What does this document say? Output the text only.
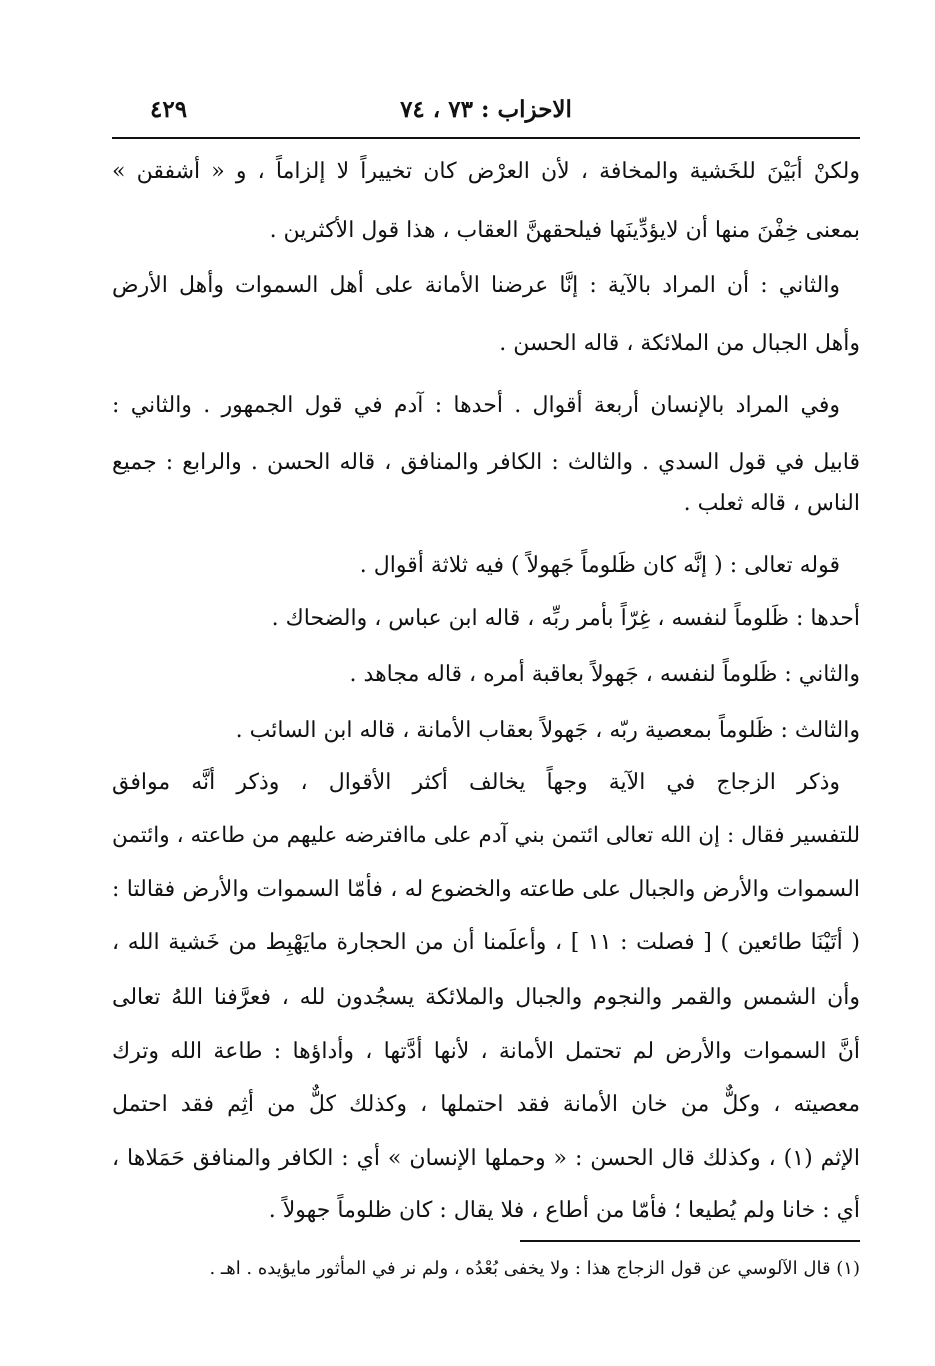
الاحزاب : ٧٣ ، ٧٤
٤٢٩
ولكنْ أبَيْنَ للخَشية والمخافة ، لأن العرْض كان تخييراً لا إلزاماً ، و « أشفقن »
بمعنى خِفْنَ منها أن لايؤدِّينَها فيلحقهنَّ العقاب ، هذا قول الأكثرين .
والثاني : أن المراد بالآية : إنَّا عرضنا الأمانة على أهل السموات وأهل الأرض
وأهل الجبال من الملائكة ، قاله الحسن .
وفي المراد بالإنسان أربعة أقوال . أحدها : آدم في قول الجمهور . والثاني :
قابيل في قول السدي . والثالث : الكافر والمنافق ، قاله الحسن . والرابع : جميع
الناس ، قاله ثعلب .
قوله تعالى : ( إنَّه كان ظَلوماً جَهولاً ) فيه ثلاثة أقوال .
أحدها : ظَلوماً لنفسه ، غِرّاً بأمر ربِّه ، قاله ابن عباس ، والضحاك .
والثاني : ظَلوماً لنفسه ، جَهولاً بعاقبة أمره ، قاله مجاهد .
والثالث : ظَلوماً بمعصية ربّه ، جَهولاً بعقاب الأمانة ، قاله ابن السائب .
وذكر الزجاج في الآية وجهاً يخالف أكثر الأقوال ، وذكر أنَّه موافق
للتفسير فقال : إن الله تعالى ائتمن بني آدم على ماافترضه عليهم من طاعته ، وائتمن
السموات والأرض والجبال على طاعته والخضوع له ، فأمّا السموات والأرض فقالتا :
( أتَيْنَا طائعين ) [ فصلت : ١١ ] ، وأعلَمنا أن من الحجارة مايَهْبِط من خَشية الله ،
وأن الشمس والقمر والنجوم والجبال والملائكة يسجُدون لله ، فعرَّفنا اللهُ تعالى
أنَّ السموات والأرض لم تحتمل الأمانة ، لأنها أدَّتها ، وأداؤها : طاعة الله وترك
معصيته ، وكلٌّ من خان الأمانة فقد احتملها ، وكذلك كلٌّ من أثِم فقد احتمل
الإثم (١) ، وكذلك قال الحسن : « وحملها الإنسان » أي : الكافر والمنافق حَمَلاها ،
أي : خانا ولم يُطيعا ؛ فأمّا من أطاع ، فلا يقال : كان ظلوماً جهولاً .
(١) قال الآلوسي عن قول الزجاج هذا : ولا يخفى بُعْدُه ، ولم نر في المأثور مايؤيده . اهـ .
